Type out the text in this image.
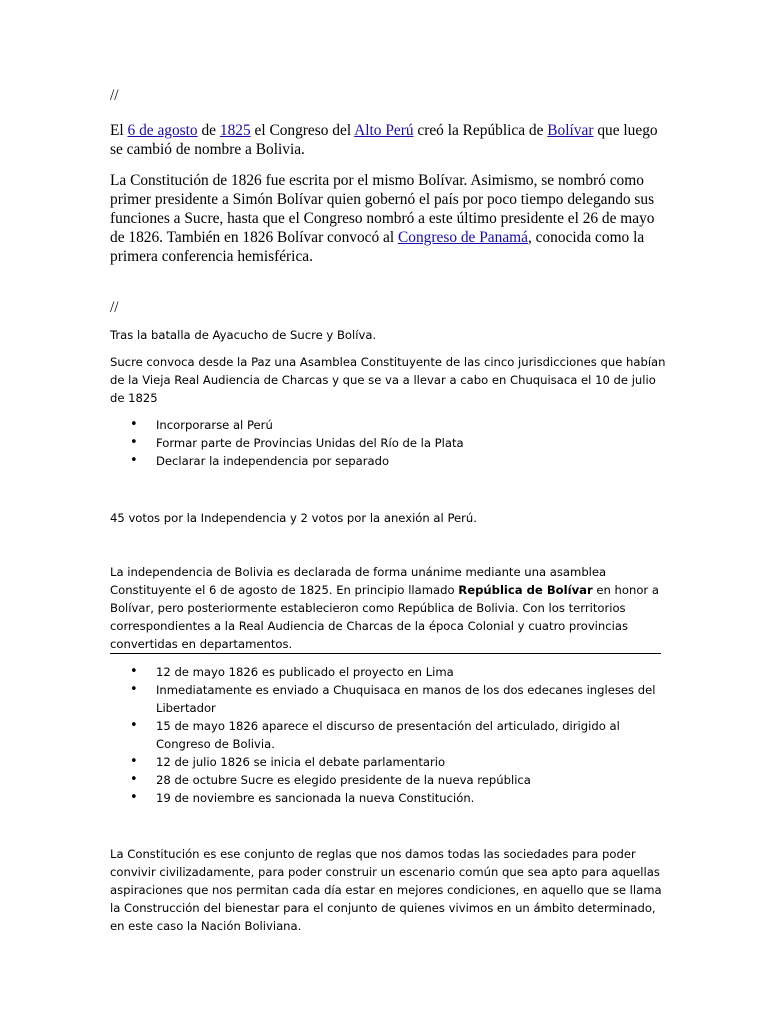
//

El 6 de agosto de 1825 el Congreso del Alto Perú creó la República de Bolívar que luego se cambió de nombre a Bolivia.

La Constitución de 1826 fue escrita por el mismo Bolívar. Asimismo, se nombró como primer presidente a Simón Bolívar quien gobernó el país por poco tiempo delegando sus funciones a Sucre, hasta que el Congreso nombró a este último presidente el 26 de mayo de 1826. También en 1826 Bolívar convocó al Congreso de Panamá, conocida como la primera conferencia hemisférica.

//

Tras la batalla de Ayacucho de Sucre y Bolíva.

Sucre convoca desde la Paz una Asamblea Constituyente de las cinco jurisdicciones que habían de la Vieja Real Audiencia de Charcas y que se va a llevar a cabo en Chuquisaca el 10 de julio de 1825

• Incorporarse al Perú
• Formar parte de Provincias Unidas del Río de la Plata
• Declarar la independencia por separado

45 votos por la Independencia y 2 votos por la anexión al Perú.

La independencia de Bolivia es declarada de forma unánime mediante una asamblea Constituyente el 6 de agosto de 1825. En principio llamado República de Bolívar en honor a Bolívar, pero posteriormente establecieron como República de Bolivia. Con los territorios correspondientes a la Real Audiencia de Charcas de la época Colonial y cuatro provincias convertidas en departamentos.

• 12 de mayo 1826 es publicado el proyecto en Lima
• Inmediatamente es enviado a Chuquisaca en manos de los dos edecanes ingleses del Libertador
• 15 de mayo 1826 aparece el discurso de presentación del articulado, dirigido al Congreso de Bolivia.
• 12 de julio 1826 se inicia el debate parlamentario
• 28 de octubre Sucre es elegido presidente de la nueva república
• 19 de noviembre es sancionada la nueva Constitución.

La Constitución es ese conjunto de reglas que nos damos todas las sociedades para poder convivir civilizadamente, para poder construir un escenario común que sea apto para aquellas aspiraciones que nos permitan cada día estar en mejores condiciones, en aquello que se llama la Construcción del bienestar para el conjunto de quienes vivimos en un ámbito determinado, en este caso la Nación Boliviana.
